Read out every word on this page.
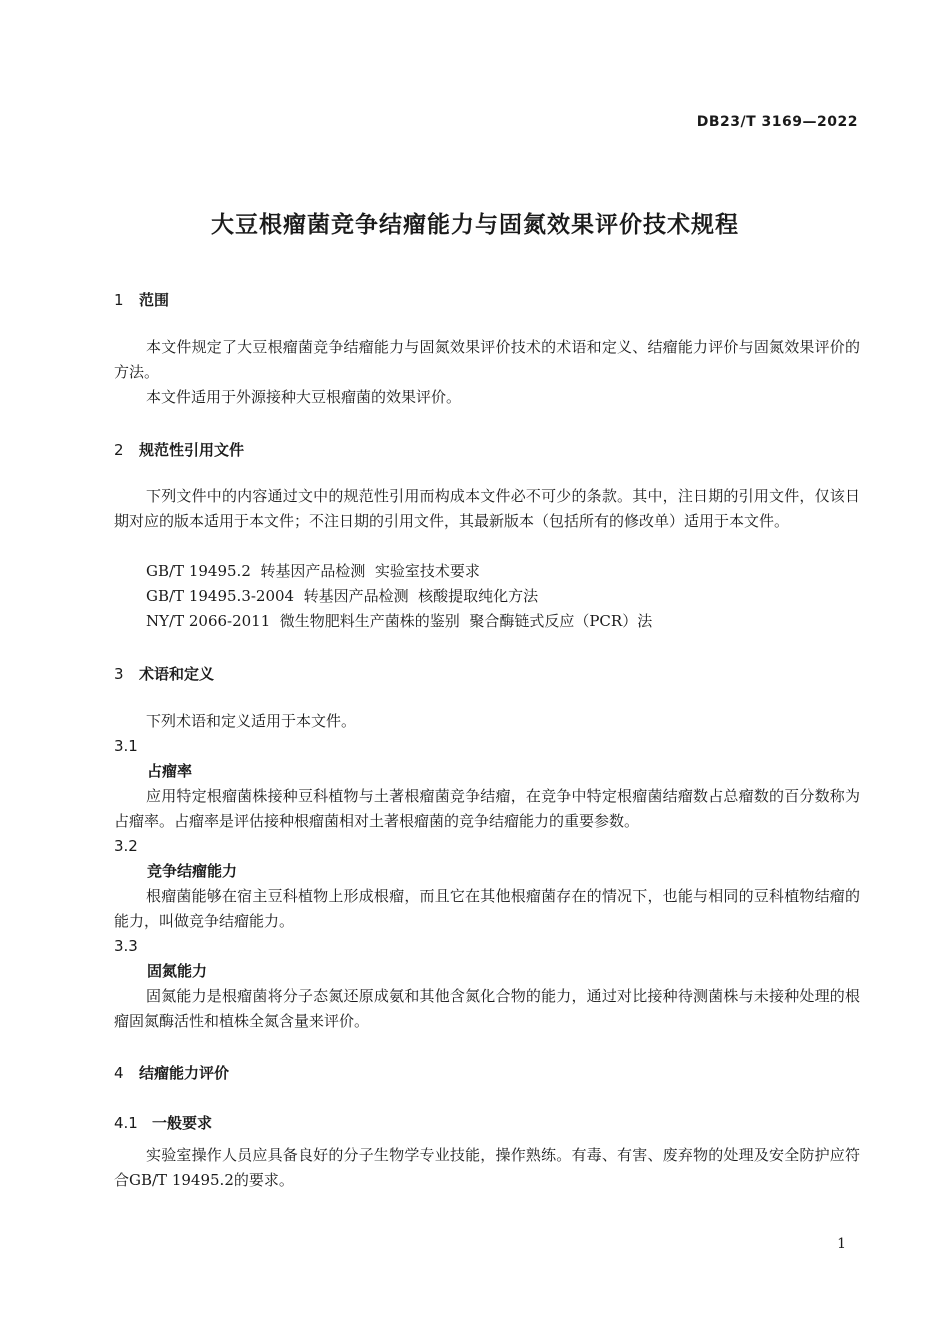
DB23/T 3169—2022
大豆根瘤菌竞争结瘤能力与固氮效果评价技术规程
1 范围
本文件规定了大豆根瘤菌竞争结瘤能力与固氮效果评价技术的术语和定义、结瘤能力评价与固氮效果评价的方法。
本文件适用于外源接种大豆根瘤菌的效果评价。
2 规范性引用文件
下列文件中的内容通过文中的规范性引用而构成本文件必不可少的条款。其中，注日期的引用文件，仅该日期对应的版本适用于本文件；不注日期的引用文件，其最新版本（包括所有的修改单）适用于本文件。
GB/T 19495.2  转基因产品检测  实验室技术要求
GB/T 19495.3-2004  转基因产品检测  核酸提取纯化方法
NY/T 2066-2011  微生物肥料生产菌株的鉴别  聚合酶链式反应（PCR）法
3 术语和定义
下列术语和定义适用于本文件。
3.1
占瘤率
应用特定根瘤菌株接种豆科植物与土著根瘤菌竞争结瘤，在竞争中特定根瘤菌结瘤数占总瘤数的百分数称为占瘤率。占瘤率是评估接种根瘤菌相对土著根瘤菌的竞争结瘤能力的重要参数。
3.2
竞争结瘤能力
根瘤菌能够在宿主豆科植物上形成根瘤，而且它在其他根瘤菌存在的情况下，也能与相同的豆科植物结瘤的能力，叫做竞争结瘤能力。
3.3
固氮能力
固氮能力是根瘤菌将分子态氮还原成氨和其他含氮化合物的能力，通过对比接种待测菌株与未接种处理的根瘤固氮酶活性和植株全氮含量来评价。
4 结瘤能力评价
4.1 一般要求
实验室操作人员应具备良好的分子生物学专业技能，操作熟练。有毒、有害、废弃物的处理及安全防护应符合GB/T 19495.2的要求。
1
